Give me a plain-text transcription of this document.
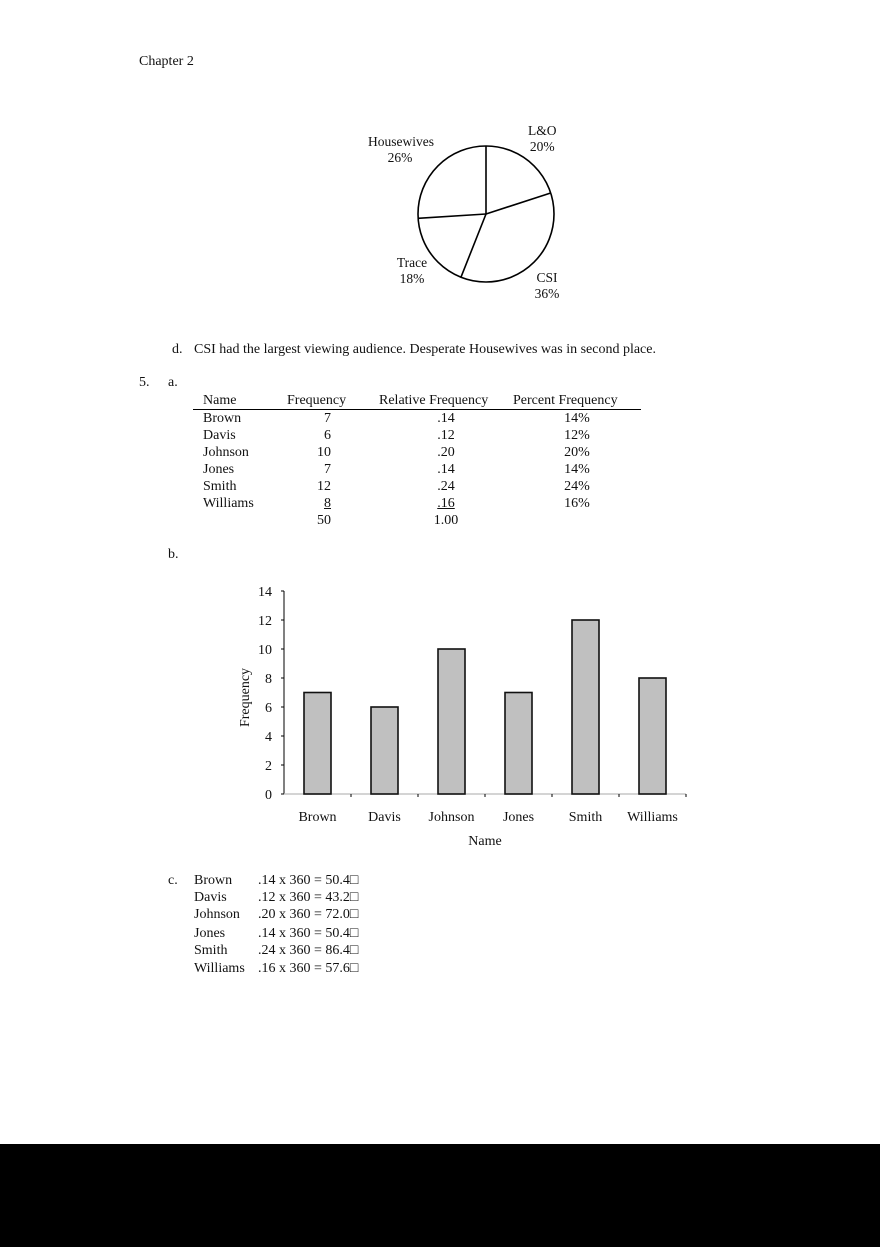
Chapter 2
L&O
20%
Housewives
26%
Trace
18%	CSI
36%
d. CSI had the largest viewing audience. Desperate Housewives was in second place.
5. a.
Name	Frequency	Relative Frequency	Percent Frequency
Brown	7	.14	14%
Davis	6	.12	12%
Johnson	10	.20	20%
Jones	7	.14	14%
Smith	12	.24	24%
Williams	8	.16	16%
	50	1.00	
b.
0
2
4
6
8
10
12
14
Brown Davis Johnson Jones Smith Williams
Name
Frequency
c. Brown .14 x 360 = 50.4□
Davis .12 x 360 = 43.2□
Johnson .20 x 360 = 72.0□
Jones .14 x 360 = 50.4□
Smith .24 x 360 = 86.4□
Williams .16 x 360 = 57.6□
